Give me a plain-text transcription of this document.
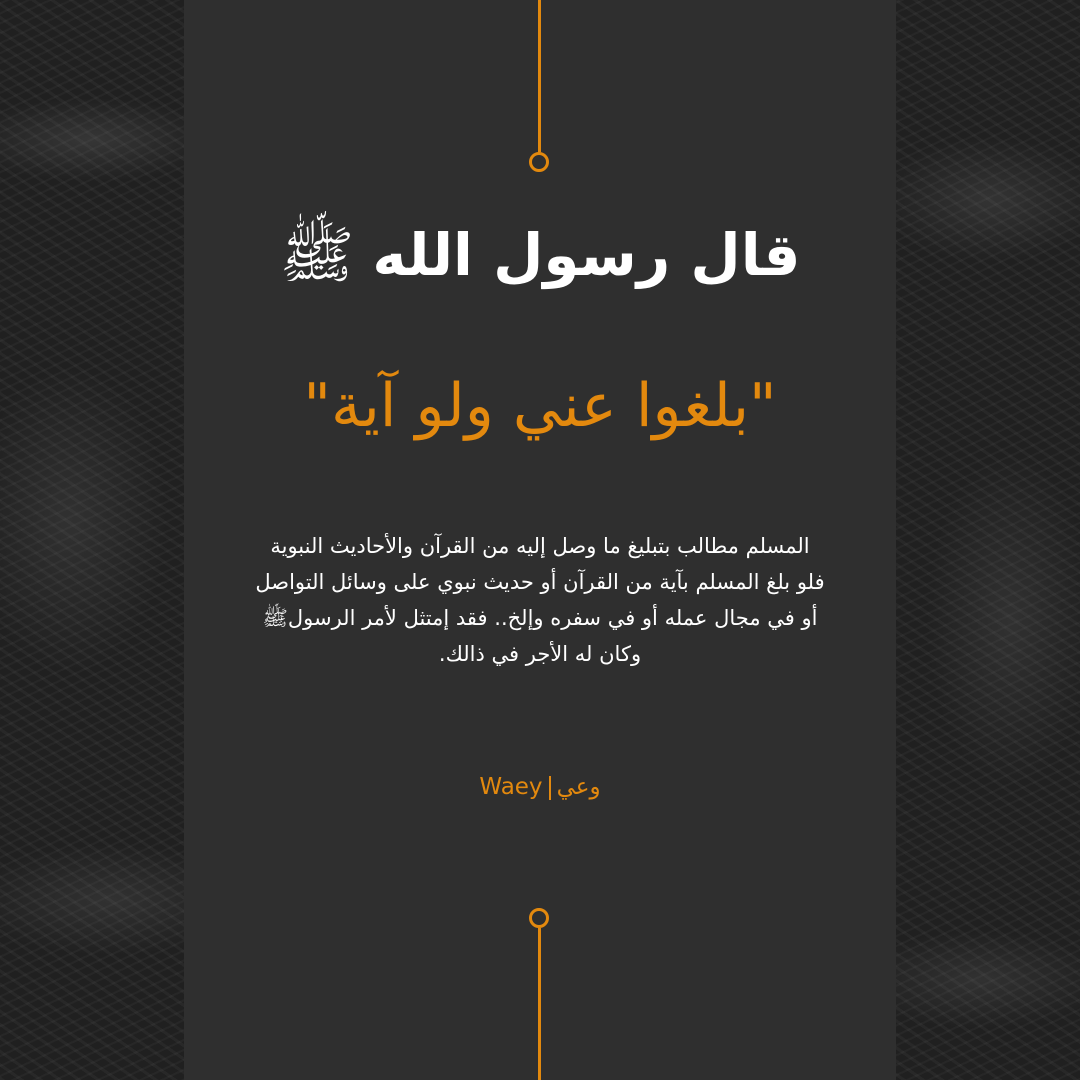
قال رسول الله
ﷺ
"بلغوا عني ولو آية"

المسلم مطالب بتبليغ ما وصل إليه من القرآن والأحاديث النبوية
فلو بلغ المسلم بآية من القرآن أو حديث نبوي على وسائل التواصل
أو في مجال عمله أو في سفره وإلخ.. فقد إمتثل لأمر الرسولﷺ
وكان له الأجر في ذالك.

Waey وعي
